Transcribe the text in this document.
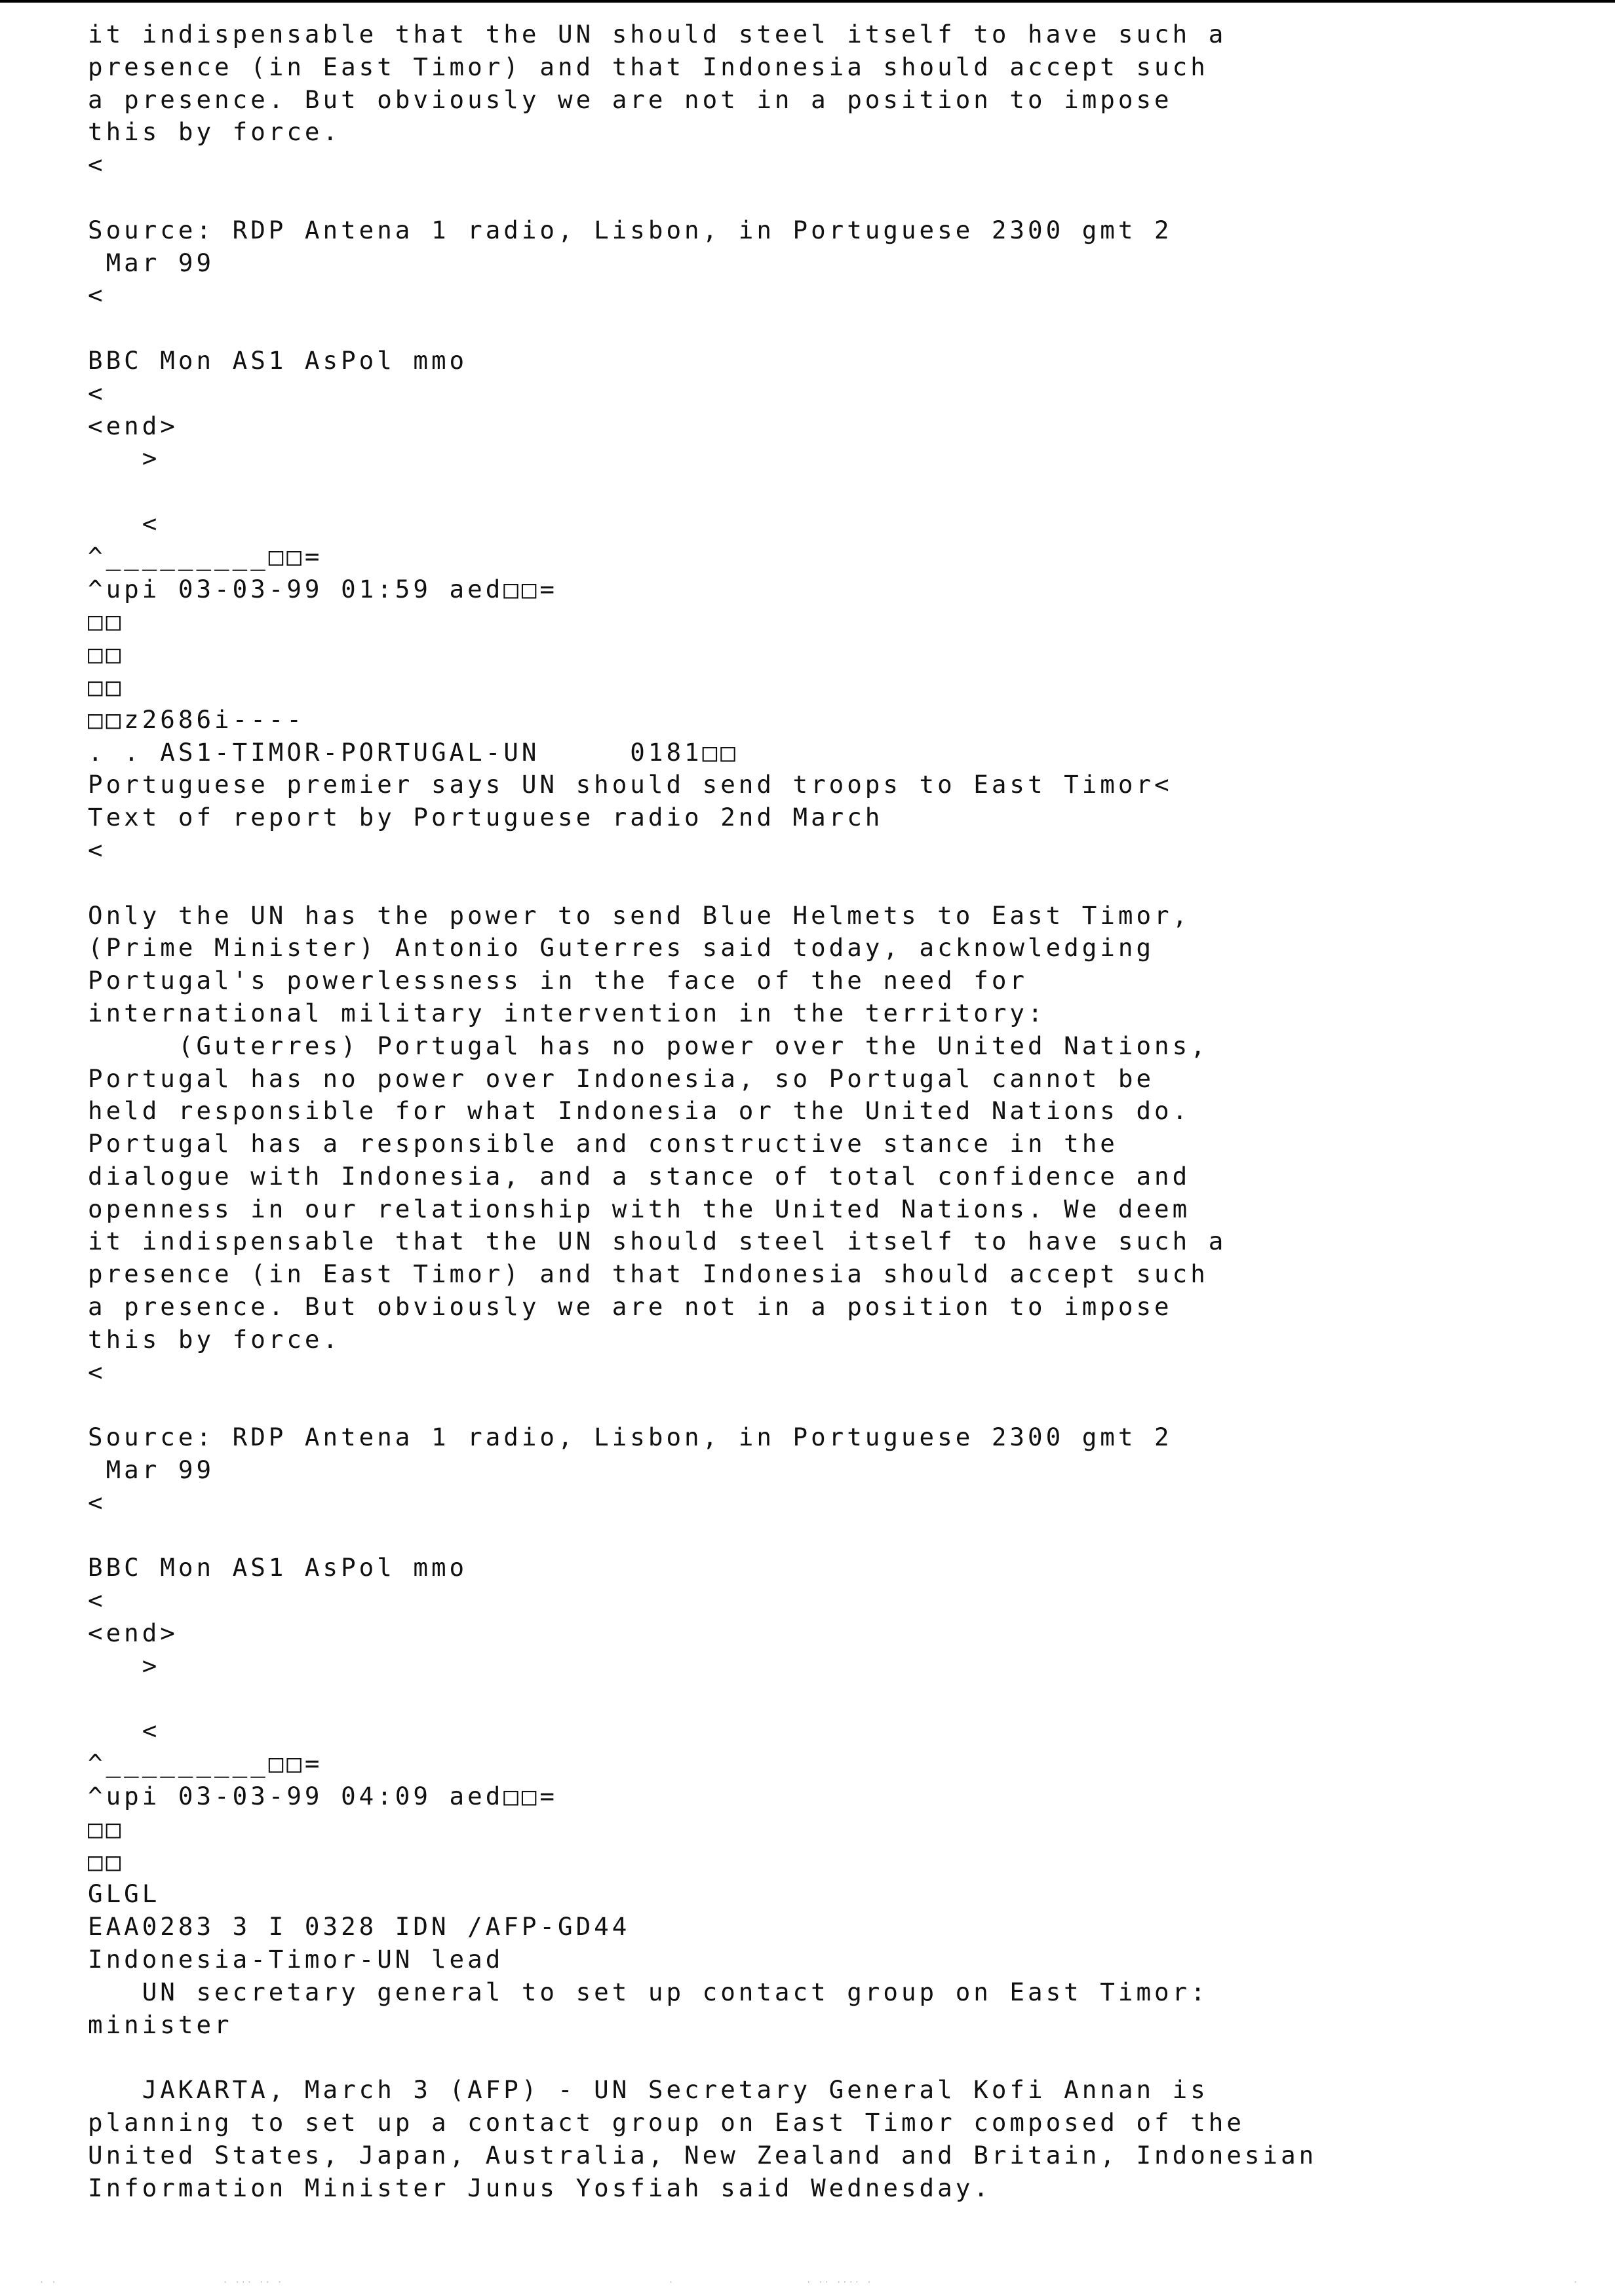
it indispensable that the UN should steel itself to have such a
presence (in East Timor) and that Indonesia should accept such
a presence. But obviously we are not in a position to impose
this by force.
<
Source: RDP Antena 1 radio, Lisbon, in Portuguese 2300 gmt 2
Mar 99
<
BBC Mon AS1 AsPol mmo
<
<end>
>
<
^_________□□=
^upi 03-03-99 01:59 aed□□=
□□
□□
□□
□□z2686i----
. . AS1-TIMOR-PORTUGAL-UN     0181□□
Portuguese premier says UN should send troops to East Timor<
Text of report by Portuguese radio 2nd March
<
Only the UN has the power to send Blue Helmets to East Timor,
(Prime Minister) Antonio Guterres said today, acknowledging
Portugal's powerlessness in the face of the need for
international military intervention in the territory:
(Guterres) Portugal has no power over the United Nations,
Portugal has no power over Indonesia, so Portugal cannot be
held responsible for what Indonesia or the United Nations do.
Portugal has a responsible and constructive stance in the
dialogue with Indonesia, and a stance of total confidence and
openness in our relationship with the United Nations. We deem
it indispensable that the UN should steel itself to have such a
presence (in East Timor) and that Indonesia should accept such
a presence. But obviously we are not in a position to impose
this by force.
<
Source: RDP Antena 1 radio, Lisbon, in Portuguese 2300 gmt 2
Mar 99
<
BBC Mon AS1 AsPol mmo
<
<end>
>
<
^_________□□=
^upi 03-03-99 04:09 aed□□=
□□
□□
GLGL
EAA0283 3 I 0328 IDN /AFP-GD44
Indonesia-Timor-UN lead
UN secretary general to set up contact group on East Timor:
minister
JAKARTA, March 3 (AFP) - UN Secretary General Kofi Annan is
planning to set up a contact group on East Timor composed of the
United States, Japan, Australia, New Zealand and Britain, Indonesian
Information Minister Junus Yosfiah said Wednesday.
· ·	· ··· ·· ·	·	· ·· ···· ·	·
